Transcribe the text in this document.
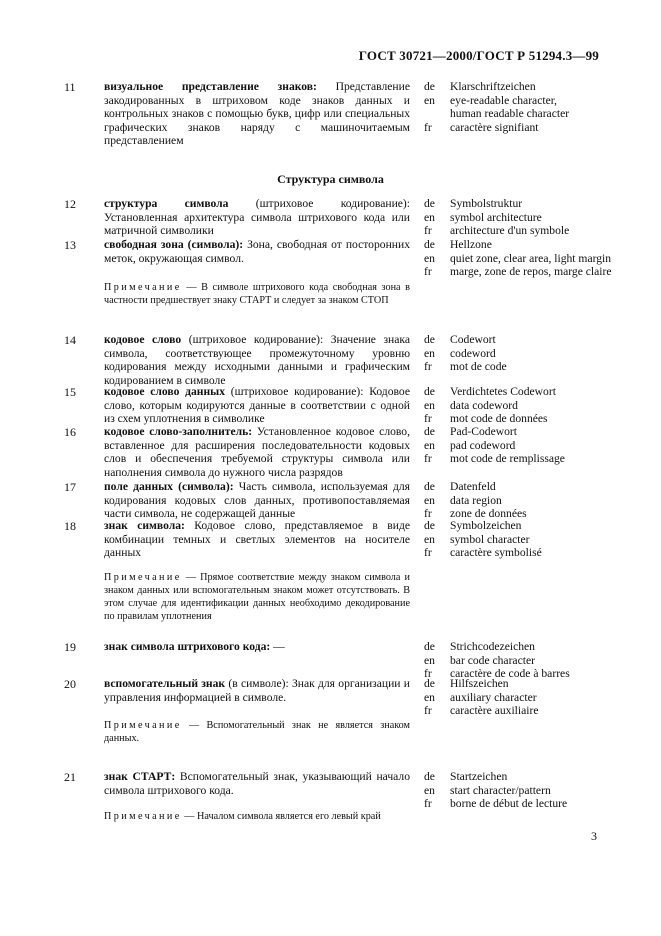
ГОСТ 30721—2000/ГОСТ Р 51294.3—99
Структура символа
3
11 визуальное представление знаков: Представление закодированных в штриховом коде знаков данных и контрольных знаков с помощью букв, цифр или специальных графических знаков наряду с машиночитаемым представлением
de	Klarschriftzeichen
en	eye-readable character,
human readable character
fr	caractère signifiant
12 структура символа (штриховое кодирование): Установленная архитектура символа штрихового кода или матричной символики
de	Symbolstruktur
en	symbol architecture
fr	architecture d'un symbole
13 свободная зона (символа): Зона, свободная от посторонних меток, окружающая символ.
de	Hellzone
en	quiet zone, clear area, light margin
fr	marge, zone de repos, marge claire
Примечание — В символе штрихового кода свободная зона в частности предшествует знаку СТАРТ и следует за знаком СТОП
14 кодовое слово (штриховое кодирование): Значение знака символа, соответствующее промежуточному уровню кодирования между исходными данными и графическим кодированием в символе
de	Codewort
en	codeword
fr	mot de code
15 кодовое слово данных (штриховое кодирование): Кодовое слово, которым кодируются данные в соответствии с одной из схем уплотнения в символике
de	Verdichtetes Codewort
en	data codeword
fr	mot code de données
16 кодовое слово-заполнитель: Установленное кодовое слово, вставленное для расширения последовательности кодовых слов и обеспечения требуемой структуры символа или наполнения символа до нужного числа разрядов
de	Pad-Codewort
en	pad codeword
fr	mot code de remplissage
17 поле данных (символа): Часть символа, используемая для кодирования кодовых слов данных, противопоставляемая части символа, не содержащей данные
de	Datenfeld
en	data region
fr	zone de données
18 знак символа: Кодовое слово, представляемое в виде комбинации темных и светлых элементов на носителе данных
de	Symbolzeichen
en	symbol character
fr	caractère symbolisé
Примечание — Прямое соответствие между знаком символа и знаком данных или вспомогательным знаком может отсутствовать. В этом случае для идентификации данных необходимо декодирование по правилам уплотнения
19 знак символа штрихового кода: —	de	Strichcodezeichen
en	bar code character
fr	caractère de code à barres
20 вспомогательный знак (в символе): Знак для организации и управления информацией в символе.
de	Hilfszeichen
en	auxiliary character
fr	caractère auxiliaire
Примечание — Вспомогательный знак не является знаком данных.
21 знак СТАРТ: Вспомогательный знак, указывающий начало символа штрихового кода.
de	Startzeichen
en	start character/pattern
fr	borne de début de lecture
Примечание — Началом символа является его левый край
